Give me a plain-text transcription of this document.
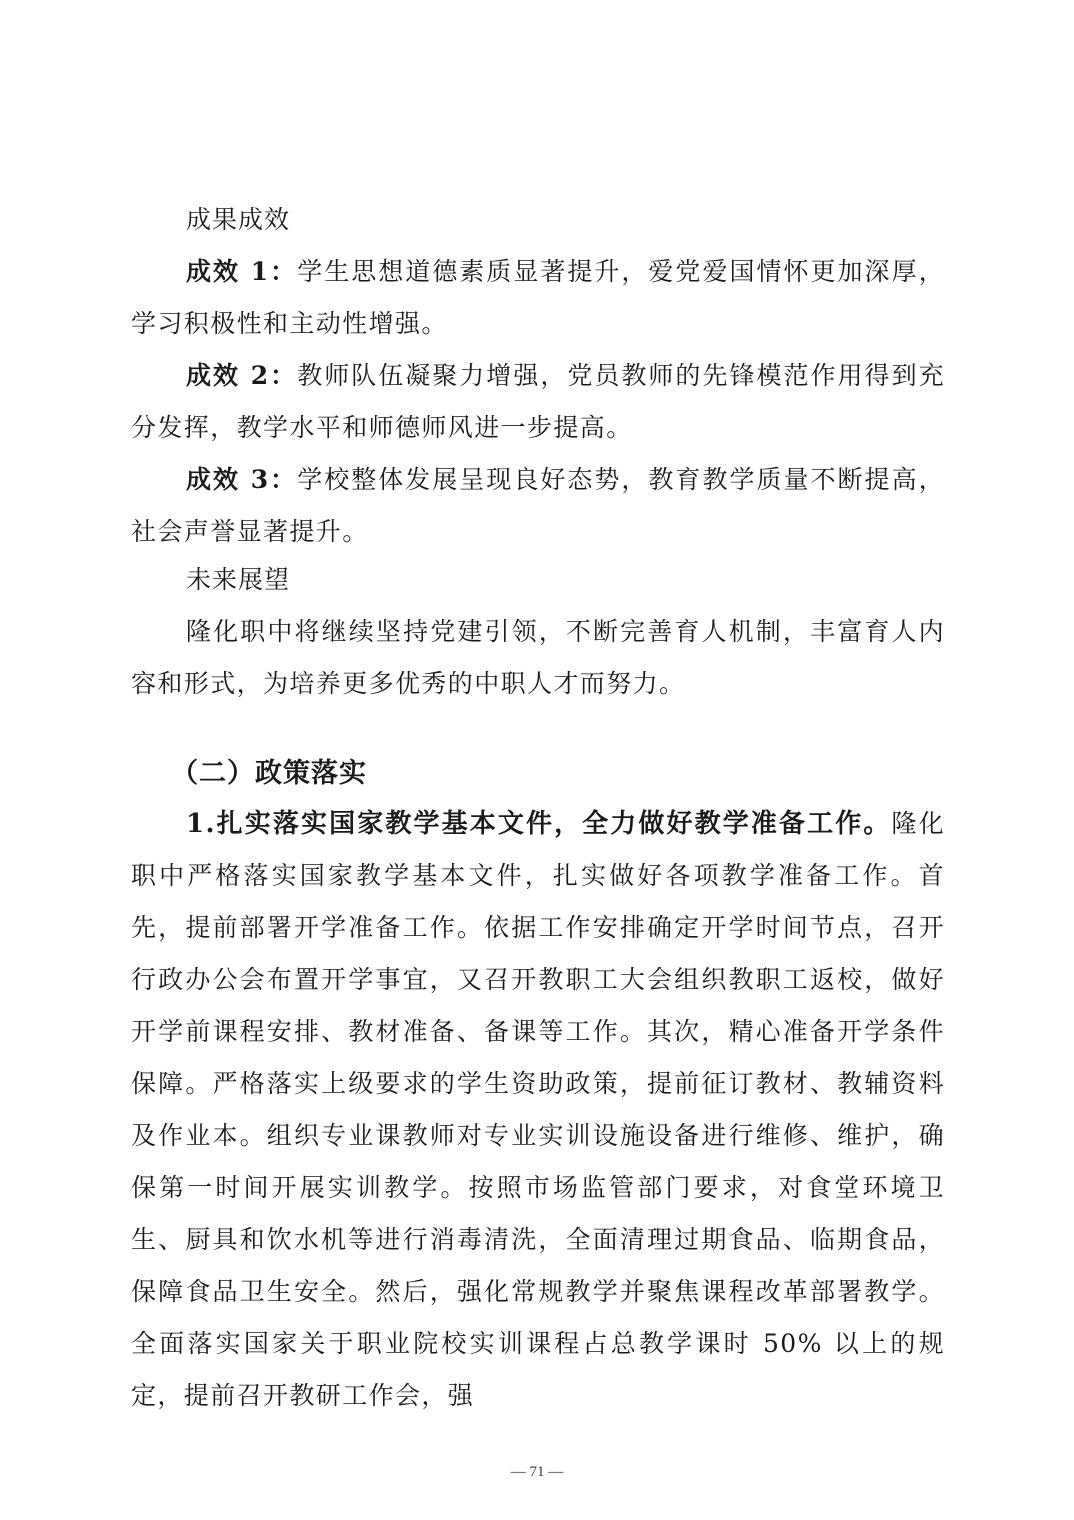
成果成效

成效 1：学生思想道德素质显著提升，爱党爱国情怀更加深厚，学习积极性和主动性增强。

成效 2：教师队伍凝聚力增强，党员教师的先锋模范作用得到充分发挥，教学水平和师德师风进一步提高。

成效 3：学校整体发展呈现良好态势，教育教学质量不断提高，社会声誉显著提升。

未来展望

隆化职中将继续坚持党建引领，不断完善育人机制，丰富育人内容和形式，为培养更多优秀的中职人才而努力。

（二）政策落实

1.扎实落实国家教学基本文件，全力做好教学准备工作。隆化职中严格落实国家教学基本文件，扎实做好各项教学准备工作。首先，提前部署开学准备工作。依据工作安排确定开学时间节点，召开行政办公会布置开学事宜，又召开教职工大会组织教职工返校，做好开学前课程安排、教材准备、备课等工作。其次，精心准备开学条件保障。严格落实上级要求的学生资助政策，提前征订教材、教辅资料及作业本。组织专业课教师对专业实训设施设备进行维修、维护，确保第一时间开展实训教学。按照市场监管部门要求，对食堂环境卫生、厨具和饮水机等进行消毒清洗，全面清理过期食品、临期食品，保障食品卫生安全。然后，强化常规教学并聚焦课程改革部署教学。全面落实国家关于职业院校实训课程占总教学课时 50% 以上的规定，提前召开教研工作会，强

— 71 —
